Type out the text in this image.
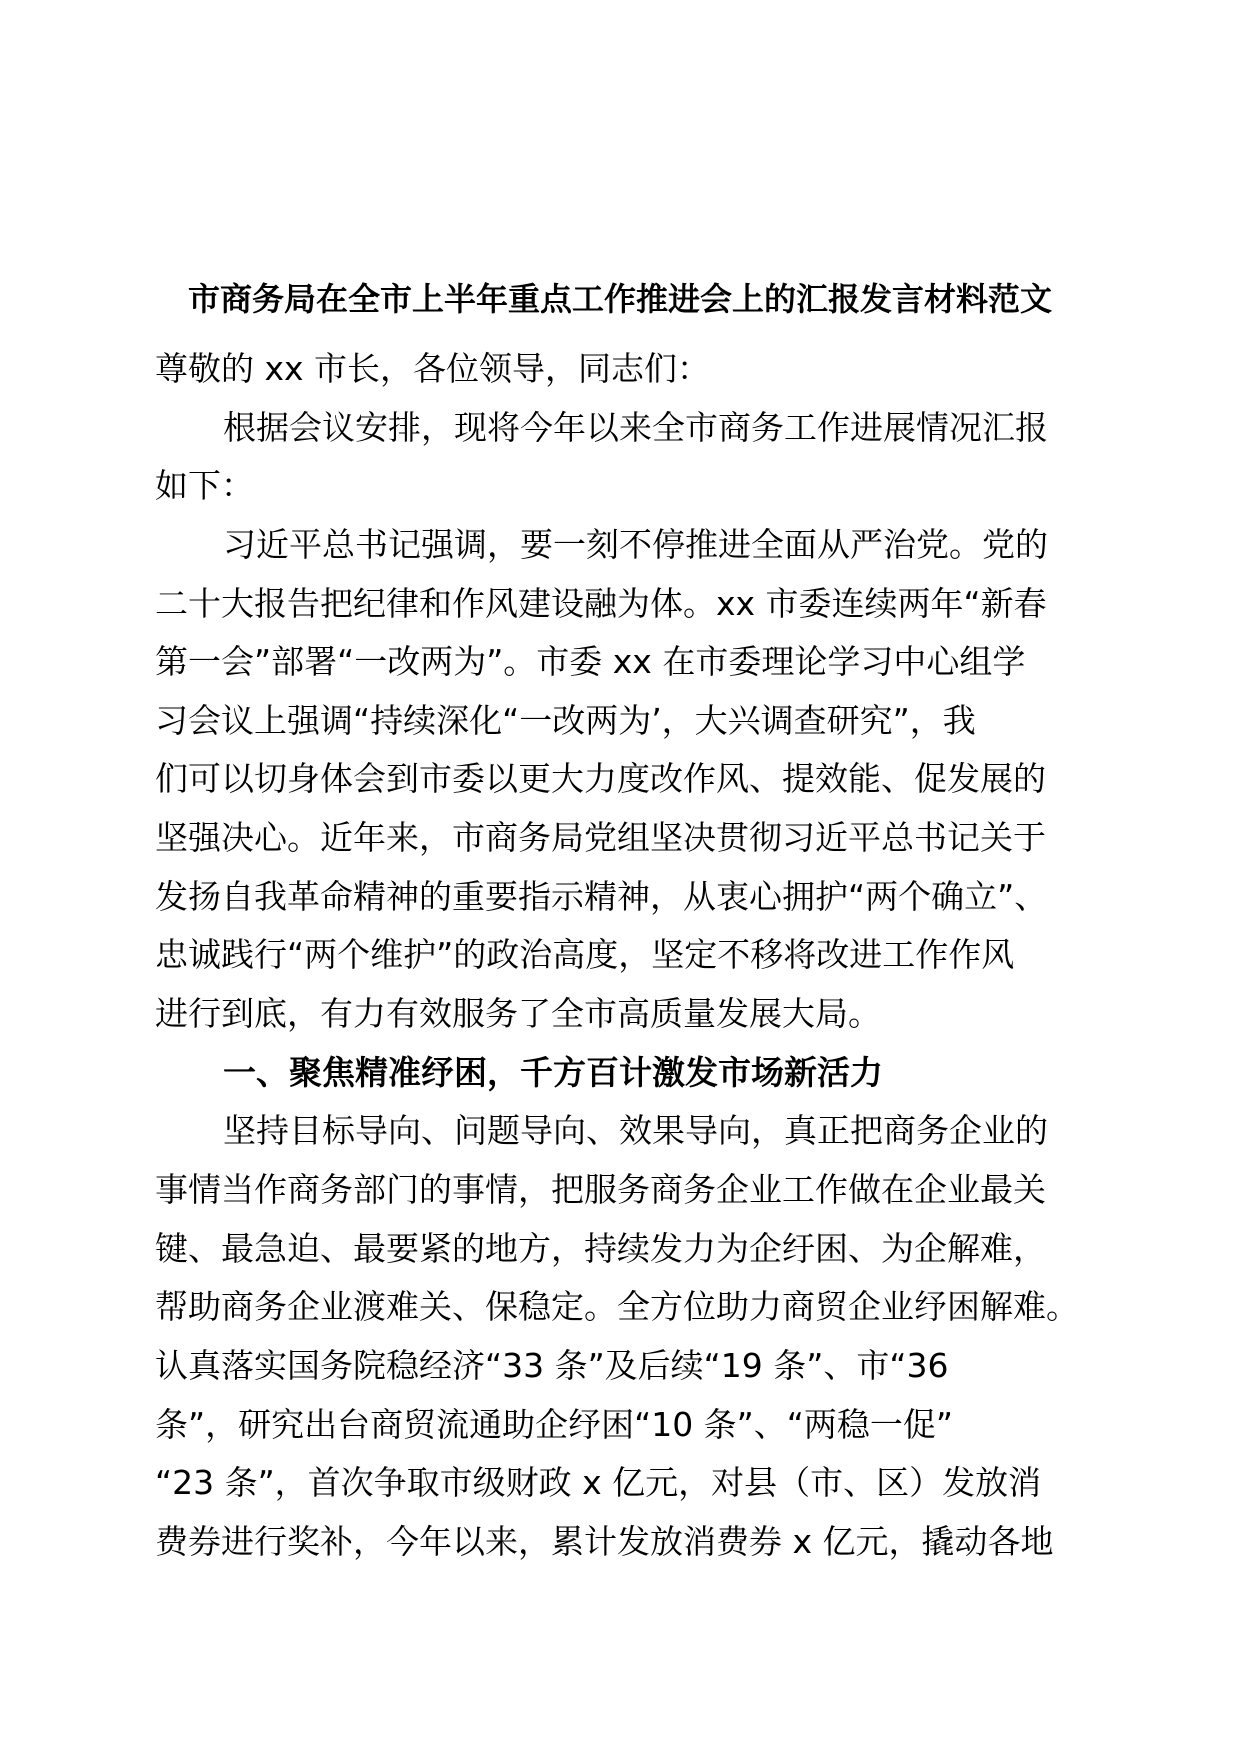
市商务局在全市上半年重点工作推进会上的汇报发言材料范文
尊敬的 xx 市长，各位领导，同志们：
根据会议安排，现将今年以来全市商务工作进展情况汇报
如下：
习近平总书记强调，要一刻不停推进全面从严治党。党的
二十大报告把纪律和作风建设融为体。xx 市委连续两年“新春
第一会”部署“一改两为”。市委 xx 在市委理论学习中心组学
习会议上强调“持续深化“一改两为’，大兴调查研究”，我
们可以切身体会到市委以更大力度改作风、提效能、促发展的
坚强决心。近年来，市商务局党组坚决贯彻习近平总书记关于
发扬自我革命精神的重要指示精神，从衷心拥护“两个确立”、
忠诚践行“两个维护”的政治高度，坚定不移将改进工作作风
进行到底，有力有效服务了全市高质量发展大局。
一、聚焦精准纾困，千方百计激发市场新活力
坚持目标导向、问题导向、效果导向，真正把商务企业的
事情当作商务部门的事情，把服务商务企业工作做在企业最关
键、最急迫、最要紧的地方，持续发力为企纡困、为企解难，
帮助商务企业渡难关、保稳定。全方位助力商贸企业纾困解难。
认真落实国务院稳经济“33 条”及后续“19 条”、市“36
条”，研究出台商贸流通助企纾困“10 条”、“两稳一促”
“23 条”，首次争取市级财政 x 亿元，对县（市、区）发放消
费券进行奖补，今年以来，累计发放消费券 x 亿元，撬动各地
